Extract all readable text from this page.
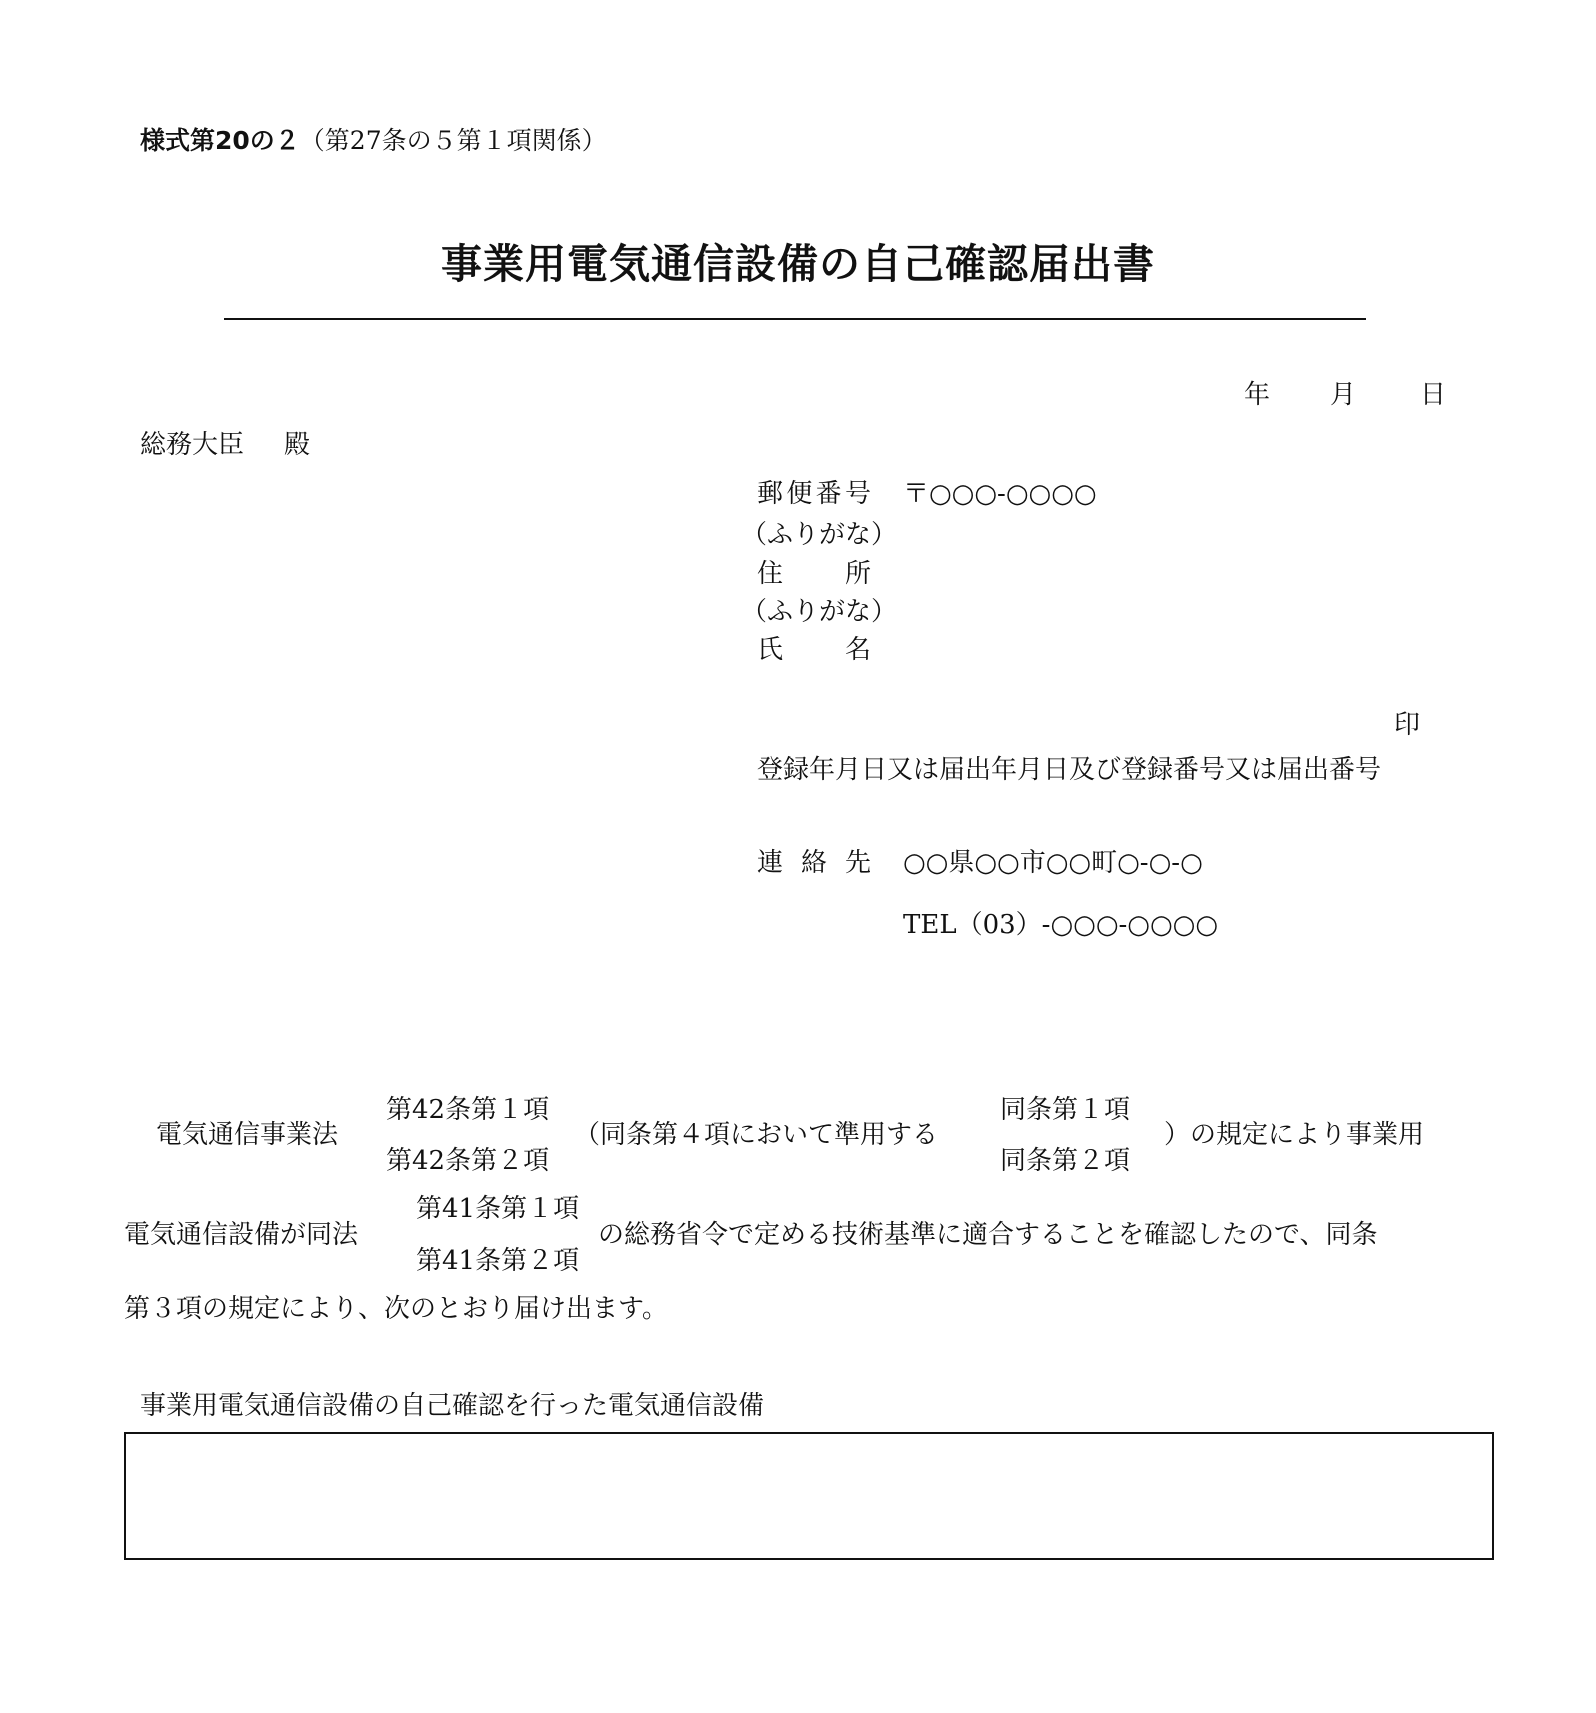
様式第20の２（第27条の５第１項関係）
事業用電気通信設備の自己確認届出書
年 月 日
総務大臣 殿
郵便番号 〒○○○-○○○○
（ふりがな）
住所
（ふりがな）
氏名
印
登録年月日又は届出年月日及び登録番号又は届出番号
連絡先 ○○県○○市○○町○-○-○
TEL（03）-○○○-○○○○
電気通信事業法
第42条第１項
第42条第２項
（同条第４項において準用する
同条第１項
同条第２項
）の規定により事業用
電気通信設備が同法
第41条第１項
第41条第２項
の総務省令で定める技術基準に適合することを確認したので、同条
第３項の規定により、次のとおり届け出ます。
事業用電気通信設備の自己確認を行った電気通信設備
